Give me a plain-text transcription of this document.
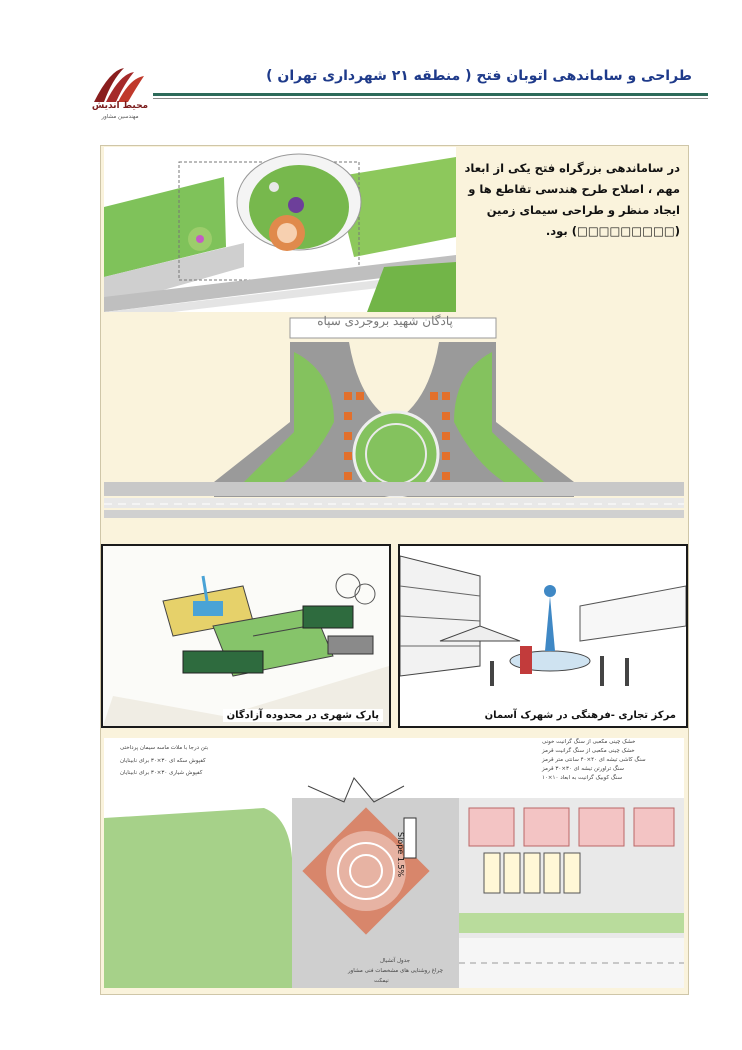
محیط اندیش
مهندسین مشاور
طراحی و ساماندهی اتوبان فتح ( منطقه ۲۱ شهرداری تهران )
در ساماندهی بزرگراه فتح یکی از ابعاد مهم ، اصلاح طرح هندسی تقاطع ها و ایجاد منظر و طراحی سیمای زمین (□□□□□□□□□) بود.
پادگان شهید بروجردی سپاه
پارک شهری در محدوده آزادگان	مرکز تجاری -فرهنگی در شهرک آسمان
Slope 1.5%
خشک چینی مکعبی از سنگ گرانیت خونی
خشک چینی مکعبی از سنگ گرانیت قرمز
سنگ کاشی تیشه ای ۴۰×۴۰ سانتی متر قرمز
سنگ تراورتن تیشه ای ۳۰×۳۰ قرمز
سنگ کوبیک گرانیت به ابعاد ۱۰×۱۰
بتن درجا با ملات ماسه سیمان پرداختی
کفپوش سکه ای ۳۰×۳۰ برای نابینایان
کفپوش شیاری ۳۰×۳۰ برای نابینایان
جدول آتشیال
چراغ روشنایی های مشخصات فنی مشاور
نیمکت
